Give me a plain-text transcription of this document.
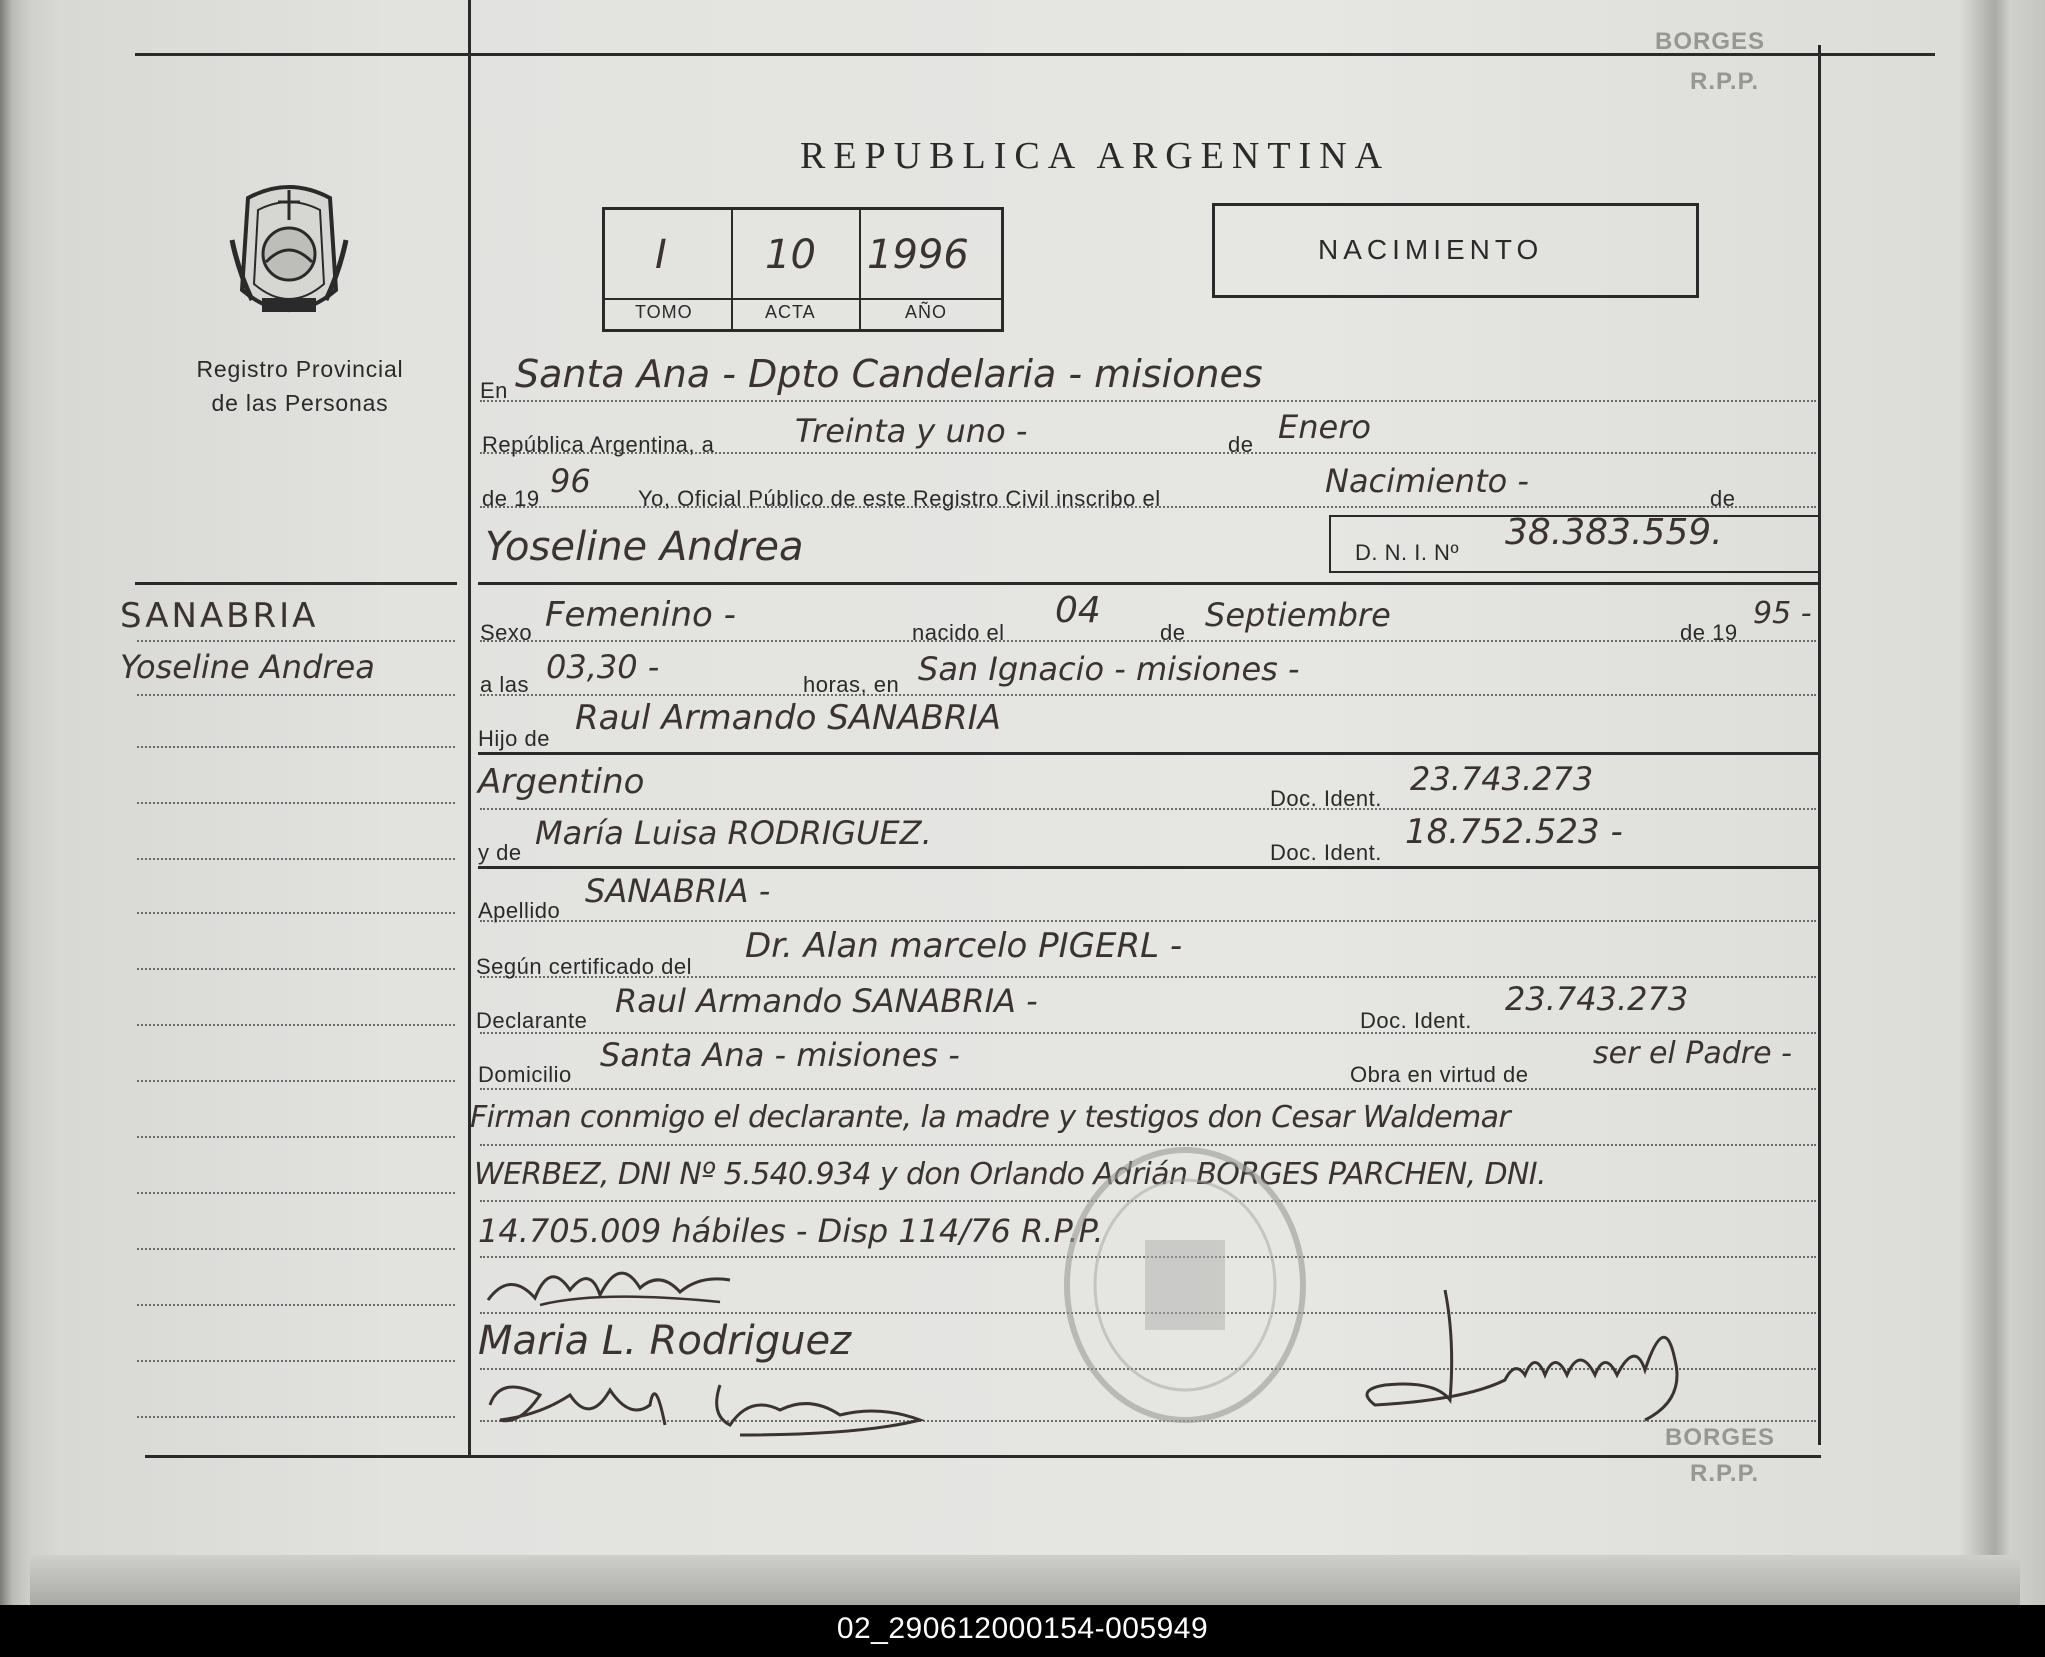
REPUBLICA ARGENTINA
Registro Provincial
de las Personas
I 10 1996
TOMO	ACTA	AÑO
NACIMIENTO
En Santa Ana - Dpto Candelaria - misiones
República Argentina, a	Treinta y uno -	de Enero
de 19 96 Yo, Oficial Público de este Registro Civil inscribo el	Nacimiento -	de
Yoseline Andrea	D. N. I. Nº 38.383.559.
Sexo Femenino -	nacido el
04
de Septiembre	de 19
95 -
a las 03,30 -	horas, en San Ignacio - misiones -
Hijo de
Raul Armando SANABRIA
Argentino	Doc. Ident.
23.743.273
y de
María Luisa RODRIGUEZ.
Doc. Ident.
18.752.523 -
Apellido
SANABRIA -
Según certificado del
Dr. Alan marcelo PIGERL -
Declarante
Raul Armando SANABRIA -
Doc. Ident.
23.743.273
Domicilio
Santa Ana - misiones -
Obra en virtud de
ser el Padre -
Firman conmigo el declarante, la madre y testigos don Cesar Waldemar
WERBEZ, DNI Nº 5.540.934 y don Orlando Adrián BORGES PARCHEN, DNI.
14.705.009 hábiles - Disp 114/76 R.P.P.
Maria L. Rodriguez
BORGES
R.P.P.
BORGES
R.P.P.
SANABRIA
Yoseline Andrea
02_290612000154-005949
